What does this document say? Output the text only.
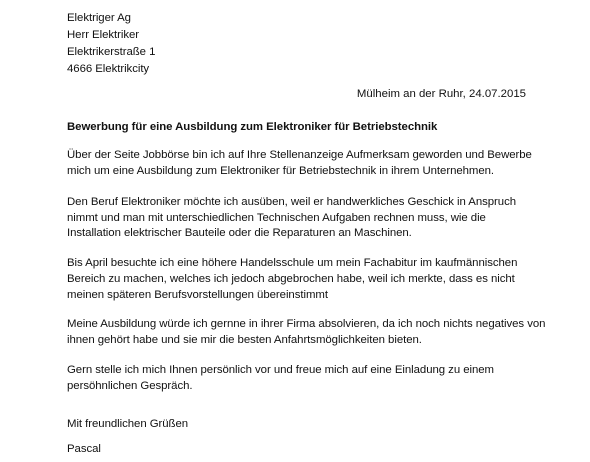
Elektriger Ag
Herr Elektriker
Elektrikerstraße 1
4666 Elektrikcity
Mülheim an der Ruhr, 24.07.2015
Bewerbung für eine Ausbildung zum Elektroniker für Betriebstechnik
Über der Seite Jobbörse bin ich auf Ihre Stellenanzeige Aufmerksam geworden und Bewerbe
mich um eine Ausbildung zum Elektroniker für Betriebstechnik in ihrem Unternehmen.
Den Beruf Elektroniker möchte ich ausüben, weil er handwerkliches Geschick in Anspruch
nimmt und man mit unterschiedlichen Technischen Aufgaben rechnen muss, wie die
Installation elektrischer Bauteile oder die Reparaturen an Maschinen.
Bis April besuchte ich eine höhere Handelsschule um mein Fachabitur im kaufmännischen
Bereich zu machen, welches ich jedoch abgebrochen habe, weil ich merkte, dass es nicht
meinen späteren Berufsvorstellungen übereinstimmt
Meine Ausbildung würde ich gernne in ihrer Firma absolvieren, da ich noch nichts negatives von
ihnen gehört habe und sie mir die besten Anfahrtsmöglichkeiten bieten.
Gern stelle ich mich Ihnen persönlich vor und freue mich auf eine Einladung zu einem
persöhnlichen Gespräch.
Mit freundlichen Grüßen
Pascal
